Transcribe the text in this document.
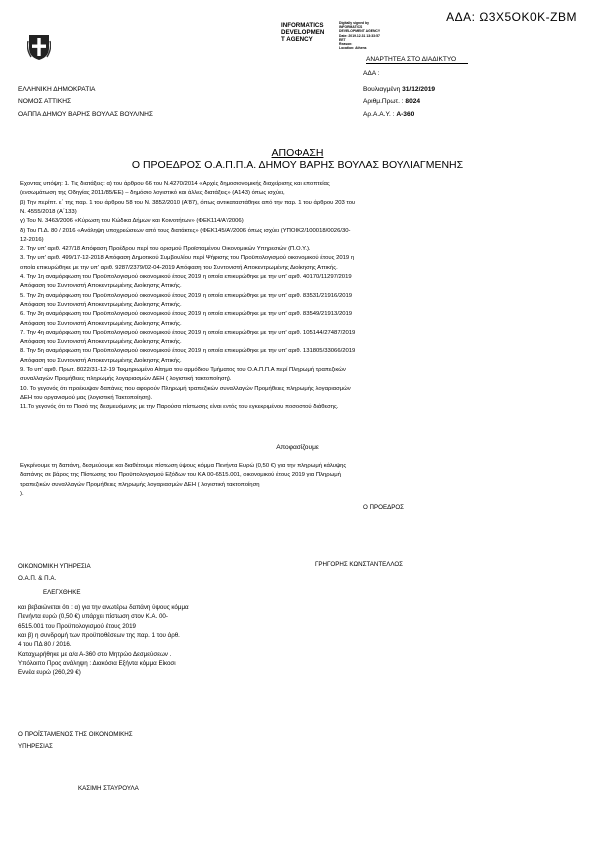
ΑΔΑ: Ω3Χ5ΟΚ0Κ-ΖΒΜ
INFORMATICS
DEVELOPMEN
T AGENCY
Digitally signed by
INFORMATICS
DEVELOPMENT AGENCY
Date: 2019.12.31 13:33:57
EET
Reason:
Location: Athens
ΑΝΑΡΤΗΤΕΑ ΣΤΟ ΔΙΑΔΙΚΤΥΟ
ΕΛΛΗΝΙΚΗ ΔΗΜΟΚΡΑΤΙΑ
ΝΟΜΟΣ ΑΤΤΙΚΗΣ
ΟΑΠΠΑ ΔΗΜΟΥ ΒΑΡΗΣ ΒΟΥΛΑΣ ΒΟΥΛ/ΝΗΣ
ΑΔΑ :
Βουλιαγμένη 31/12/2019
Αριθμ.Πρωτ. : 8024
Αρ.Α.Α.Υ. : Α-360
ΑΠΟΦΑΣΗ
Ο ΠΡΟΕΔΡΟΣ Ο.Α.Π.Π.Α. ΔΗΜΟΥ ΒΑΡΗΣ ΒΟΥΛΑΣ ΒΟΥΛΙΑΓΜΕΝΗΣ
Εχοντας υπόψη: 1. Τις διατάξεις: α) του άρθρου 66 του Ν.4270/2014 «Αρχές δημοσιονομικής διαχείρισης και εποπτείας
(ενσωμάτωση της Οδηγίας 2011/85/ΕΕ) – δημόσιο λογιστικό και άλλες διατάξεις» (Α143) όπως ισχύει,
β) Την περίπτ. ε΄ της παρ. 1 του άρθρου 58 του Ν. 3852/2010 (Α'87), όπως αντικαταστάθηκε από την παρ. 1 του άρθρου 203 του
Ν. 4555/2018 (Α΄133)
γ) Του Ν. 3463/2006 «Κύρωση του Κώδικα Δήμων και Κοινοτήτων» (ΦΕΚ114/Α'/2006)
δ) Του Π.Δ. 80 / 2016 «Ανάληψη υποχρεώσεων από τους διατάκτες» (ΦΕΚ145/Α'/2006 όπως ισχύει (ΥΠΟΙΚ2/100018/0026/30-
12-2016)
2. Την υπ' αριθ. 427/18 Απόφαση Προέδρου περί του ορισμού Προϊσταμένου Οικονομικών Υπηρεσιών (Π.Ο.Υ.).
3. Την υπ' αριθ. 499/17-12-2018 Απόφαση Δημοτικού Συμβουλίου περί Ψήφισης του Προϋπολογισμού οικονομικού έτους 2019 η
οποία επικυρώθηκε με την υπ' αριθ. 9287/2379/02-04-2019 Απόφαση του Συντονιστή Αποκεντρωμένης Διοίκησης Αττικής.
4. Την 1η αναμόρφωση του Προϋπολογισμού οικονομικού έτους 2019 η οποία επικυρώθηκε με την υπ' αριθ. 40170/11297/2019
Απόφαση του Συντονιστή Αποκεντρωμένης Διοίκησης Αττικής.
5. Την 2η αναμόρφωση του Προϋπολογισμού οικονομικού έτους 2019 η οποία επικυρώθηκε με την υπ' αριθ. 83531/21916/2019
Απόφαση του Συντονιστή Αποκεντρωμένης Διοίκησης Αττικής.
6. Την 3η αναμόρφωση του Προϋπολογισμού οικονομικού έτους 2019 η οποία επικυρώθηκε με την υπ' αριθ. 83549/21913/2019
Απόφαση του Συντονιστή Αποκεντρωμένης Διοίκησης Αττικής.
7. Την 4η αναμόρφωση του Προϋπολογισμού οικονομικού έτους 2019 η οποία επικυρώθηκε με την υπ' αριθ. 105144/27487/2019
Απόφαση του Συντονιστή Αποκεντρωμένης Διοίκησης Αττικής.
8. Την 5η αναμόρφωση του Προϋπολογισμού οικονομικού έτους 2019 η οποία επικυρώθηκε με την υπ' αριθ. 131805/33066/2019
Απόφαση του Συντονιστή Αποκεντρωμένης Διοίκησης Αττικής.
9. Το υπ' αριθ. Πρωτ. 8022/31-12-19 Τεκμηριωμένο Αίτημα του αρμόδιου Τμήματος του Ο.Α.Π.Π.Α περί Πληρωμή τραπεζικών
συναλλαγών Προμήθειες πληρωμής λογαριασμών ΔΕΗ ( λογιστική τακτοποίηση).
10. Το γεγονός ότι προέκυψαν δαπάνες που αφορούν Πληρωμή τραπεζικών συναλλαγών Προμήθειες πληρωμής λογαριασμών
ΔΕΗ του οργανισμού μας (λογιστική Τακτοποίηση).
11.Το γεγονός ότι το Ποσό της δεσμευόμενης με την Παρούσα πίστωσης είναι εντός του εγκεκριμένου ποσοστού διάθεσης.
Αποφασίζουμε
Εγκρίνουμε τη δαπάνη, δεσμεύουμε και διαθέτουμε πίστωση ύψους κόμμα Πενήντα Ευρώ (0,50 €) για την πληρωμή κάλυψης
δαπάνης σε βάρος της Πίστωσης του Προϋπολογισμού Εξόδων του ΚΑ 00-6515.001, οικονομικού έτους 2019 για Πληρωμή
τραπεζικών συναλλαγών Προμήθειες πληρωμής λογαριασμών ΔΕΗ ( λογιστική τακτοποίηση
).
Ο ΠΡΟΕΔΡΟΣ
ΓΡΗΓΟΡΗΣ ΚΩΝΣΤΑΝΤΕΛΛΟΣ
ΟΙΚΟΝΟΜΙΚΗ ΥΠΗΡΕΣΙΑ
Ο.Α.Π. & Π.Α.
ΕΛΕΓΧΘΗΚΕ
και βεβαιώνεται ότι : α) για την ανωτέρω δαπάνη ύψους κόμμα
Πενήντα ευρώ (0,50 €) υπάρχει πίστωση στον Κ.Α. 00-
6515.001 του Προϋπολογισμού έτους 2019
και β) η συνδρομή των προϋποθέσεων της παρ. 1 του άρθ.
4 του ΠΔ 80 / 2016.
Καταχωρήθηκε με α/α Α-360 στο Μητρώο Δεσμεύσεων .
Υπόλοιπο Προς ανάληψη : Διακόσια Εξήντα κόμμα Είκοσι
Εννέα ευρώ (260,29 €)
Ο ΠΡΟΪΣΤΑΜΕΝΟΣ ΤΗΣ ΟΙΚΟΝΟΜΙΚΗΣ
ΥΠΗΡΕΣΙΑΣ
ΚΑΣΙΜΗ ΣΤΑΥΡΟΥΛΑ
